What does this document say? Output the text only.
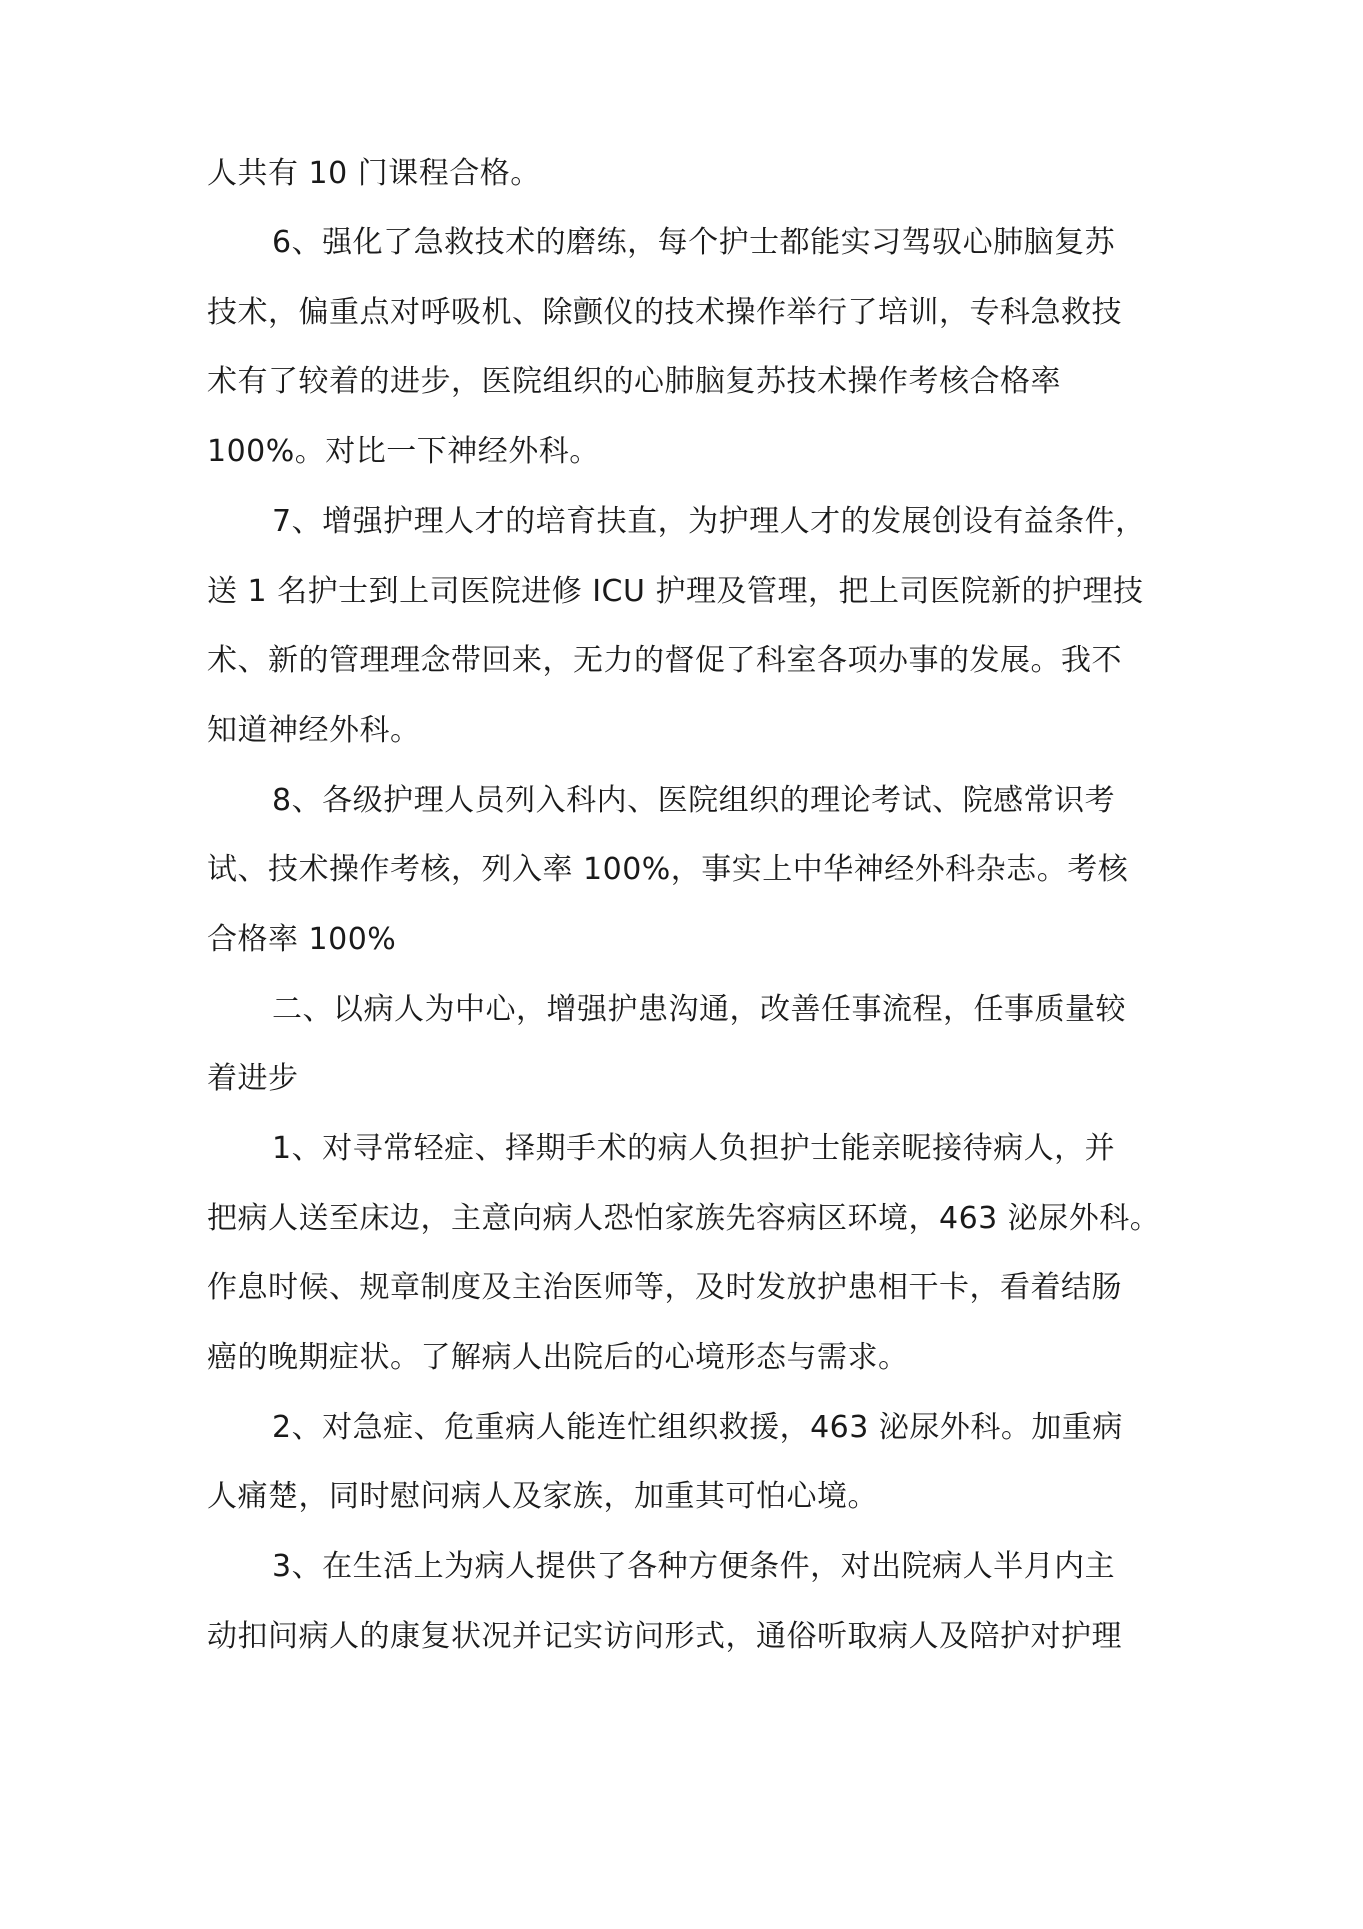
人共有 10 门课程合格。
6、强化了急救技术的磨练，每个护士都能实习驾驭心肺脑复苏
技术，偏重点对呼吸机、除颤仪的技术操作举行了培训，专科急救技
术有了较着的进步，医院组织的心肺脑复苏技术操作考核合格率
100%。对比一下神经外科。
7、增强护理人才的培育扶直，为护理人才的发展创设有益条件，
送 1 名护士到上司医院进修 ICU 护理及管理，把上司医院新的护理技
术、新的管理理念带回来，无力的督促了科室各项办事的发展。我不
知道神经外科。
8、各级护理人员列入科内、医院组织的理论考试、院感常识考
试、技术操作考核，列入率 100%，事实上中华神经外科杂志。考核
合格率 100%
二、以病人为中心，增强护患沟通，改善任事流程，任事质量较
着进步
1、对寻常轻症、择期手术的病人负担护士能亲昵接待病人，并
把病人送至床边，主意向病人恐怕家族先容病区环境，463 泌尿外科。
作息时候、规章制度及主治医师等，及时发放护患相干卡，看着结肠
癌的晚期症状。了解病人出院后的心境形态与需求。
2、对急症、危重病人能连忙组织救援，463 泌尿外科。加重病
人痛楚，同时慰问病人及家族，加重其可怕心境。
3、在生活上为病人提供了各种方便条件，对出院病人半月内主
动扣问病人的康复状况并记实访问形式，通俗听取病人及陪护对护理
